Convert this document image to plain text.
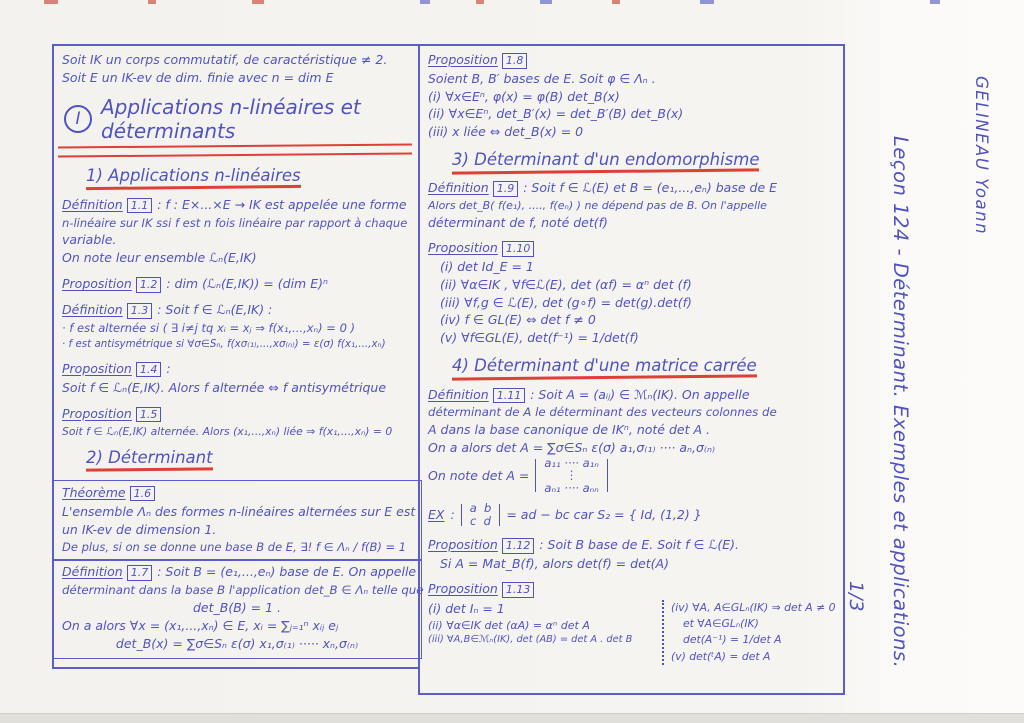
Soit IK un corps commutatif, de caractéristique ≠ 2.
Soit E un IK-ev de dim. finie avec n = dim E
I	Applications n-linéaires et déterminants
1) Applications n-linéaires
Définition 1.1 : f : E×...×E → IK est appelée une forme
n-linéaire sur IK ssi f est n fois linéaire par rapport à chaque
variable.
On note leur ensemble ℒₙ(E,IK)
Proposition 1.2 : dim (ℒₙ(E,IK)) = (dim E)ⁿ
Définition 1.3 : Soit f ∈ ℒₙ(E,IK) :
· f est alternée si ( ∃ i≠j tq xᵢ = xⱼ ⇒ f(x₁,...,xₙ) = 0 )
· f est antisymétrique si ∀σ∈Sₙ, f(xσ₍₁₎,...,xσ₍ₙ₎) = ε(σ) f(x₁,...,xₙ)
Proposition 1.4 :
Soit f ∈ ℒₙ(E,IK). Alors f alternée ⇔ f antisymétrique
Proposition 1.5
Soit f ∈ ℒₙ(E,IK) alternée. Alors (x₁,...,xₙ) liée ⇒ f(x₁,...,xₙ) = 0
2) Déterminant
Théorème 1.6
L'ensemble Λₙ des formes n-linéaires alternées sur E est
un IK-ev de dimension 1.
De plus, si on se donne une base B de E, ∃! f ∈ Λₙ / f(B) = 1
Définition 1.7 : Soit B = (e₁,...,eₙ) base de E. On appelle
déterminant dans la base B l'application det_B ∈ Λₙ telle que
det_B(B) = 1 .
On a alors ∀x = (x₁,...,xₙ) ∈ E, xᵢ = ∑ⱼ₌₁ⁿ xᵢⱼ eⱼ
det_B(x) = ∑σ∈Sₙ ε(σ) x₁,σ₍₁₎ ····· xₙ,σ₍ₙ₎
Proposition 1.8
Soient B, B′ bases de E. Soit φ ∈ Λₙ .
(i) ∀x∈Eⁿ, φ(x) = φ(B) det_B(x)
(ii) ∀x∈Eⁿ, det_B′(x) = det_B′(B) det_B(x)
(iii) x liée ⇔ det_B(x) = 0
3) Déterminant d'un endomorphisme
Définition 1.9 : Soit f ∈ ℒ(E) et B = (e₁,...,eₙ) base de E
Alors det_B( f(e₁), ...., f(eₙ) ) ne dépend pas de B. On l'appelle
déterminant de f, noté det(f)
Proposition 1.10
(i) det Id_E = 1
(ii) ∀α∈IK , ∀f∈ℒ(E), det (αf) = αⁿ det (f)
(iii) ∀f,g ∈ ℒ(E), det (g∘f) = det(g).det(f)
(iv) f ∈ GL(E) ⇔ det f ≠ 0
(v) ∀f∈GL(E), det(f⁻¹) = 1/det(f)
4) Déterminant d'une matrice carrée
Définition 1.11 : Soit A = (aᵢⱼ) ∈ ℳₙ(IK). On appelle
déterminant de A le déterminant des vecteurs colonnes de
A dans la base canonique de IKⁿ, noté det A .
On a alors det A = ∑σ∈Sₙ ε(σ) a₁,σ₍₁₎ ···· aₙ,σ₍ₙ₎
On note det A =
a₁₁ ···· a₁ₙ
⋮
aₙ₁ ···· aₙₙ
EX : a  b
c  d = ad − bc car S₂ = { Id, (1,2) }
Proposition 1.12 : Soit B base de E. Soit f ∈ ℒ(E).
Si A = Mat_B(f), alors det(f) = det(A)
Proposition 1.13
(i) det Iₙ = 1
(ii) ∀α∈IK det (αA) = αⁿ det A
(iii) ∀A,B∈ℳₙ(IK), det (AB) = det A . det B
(iv) ∀A, A∈GLₙ(IK) ⇒ det A ≠ 0
et ∀A∈GLₙ(IK)
det(A⁻¹) = 1/det A
(v) det(ᵗA) = det A
GELINEAU Yoann
Leçon 124 - Déterminant. Exemples et applications.
1/3
